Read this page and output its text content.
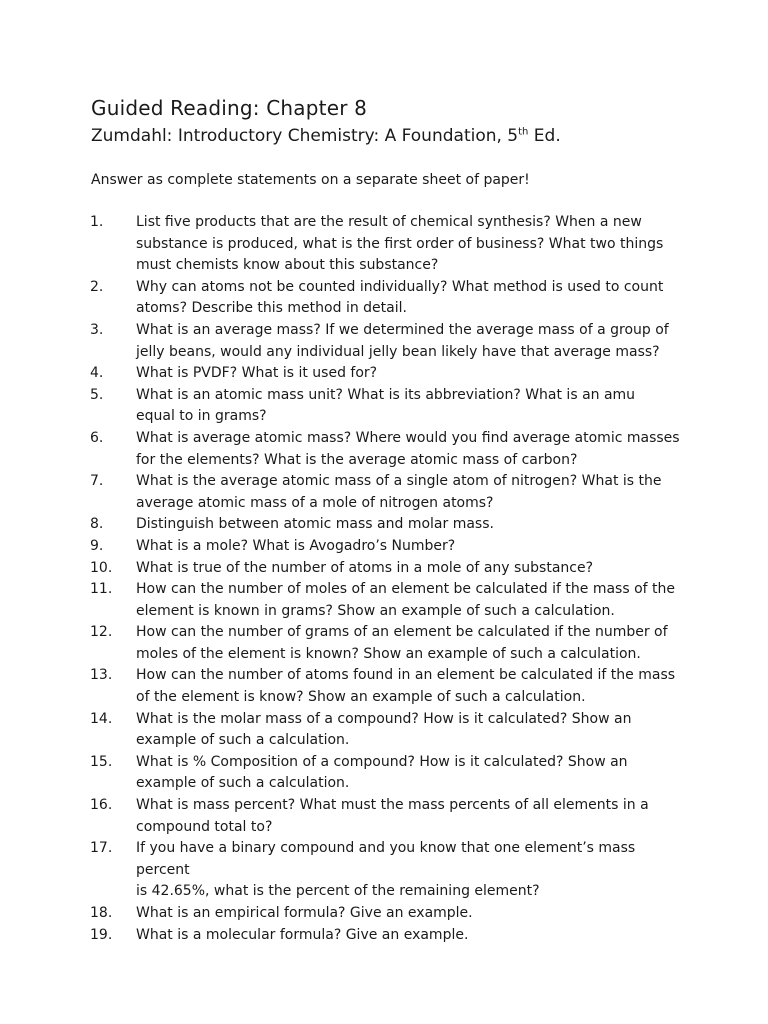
Guided Reading: Chapter 8
Zumdahl: Introductory Chemistry: A Foundation, 5th Ed.

Answer as complete statements on a separate sheet of paper!

1. List five products that are the result of chemical synthesis? When a new
substance is produced, what is the first order of business? What two things
must chemists know about this substance?
2. Why can atoms not be counted individually? What method is used to count
atoms? Describe this method in detail.
3. What is an average mass? If we determined the average mass of a group of
jelly beans, would any individual jelly bean likely have that average mass?
4. What is PVDF? What is it used for?
5. What is an atomic mass unit? What is its abbreviation? What is an amu
equal to in grams?
6. What is average atomic mass? Where would you find average atomic masses
for the elements? What is the average atomic mass of carbon?
7. What is the average atomic mass of a single atom of nitrogen? What is the
average atomic mass of a mole of nitrogen atoms?
8. Distinguish between atomic mass and molar mass.
9. What is a mole? What is Avogadro’s Number?
10. What is true of the number of atoms in a mole of any substance?
11. How can the number of moles of an element be calculated if the mass of the
element is known in grams? Show an example of such a calculation.
12. How can the number of grams of an element be calculated if the number of
moles of the element is known? Show an example of such a calculation.
13. How can the number of atoms found in an element be calculated if the mass
of the element is know? Show an example of such a calculation.
14. What is the molar mass of a compound? How is it calculated? Show an
example of such a calculation.
15. What is % Composition of a compound? How is it calculated? Show an
example of such a calculation.
16. What is mass percent? What must the mass percents of all elements in a
compound total to?
17. If you have a binary compound and you know that one element’s mass percent
is 42.65%, what is the percent of the remaining element?
18. What is an empirical formula? Give an example.
19. What is a molecular formula? Give an example.
